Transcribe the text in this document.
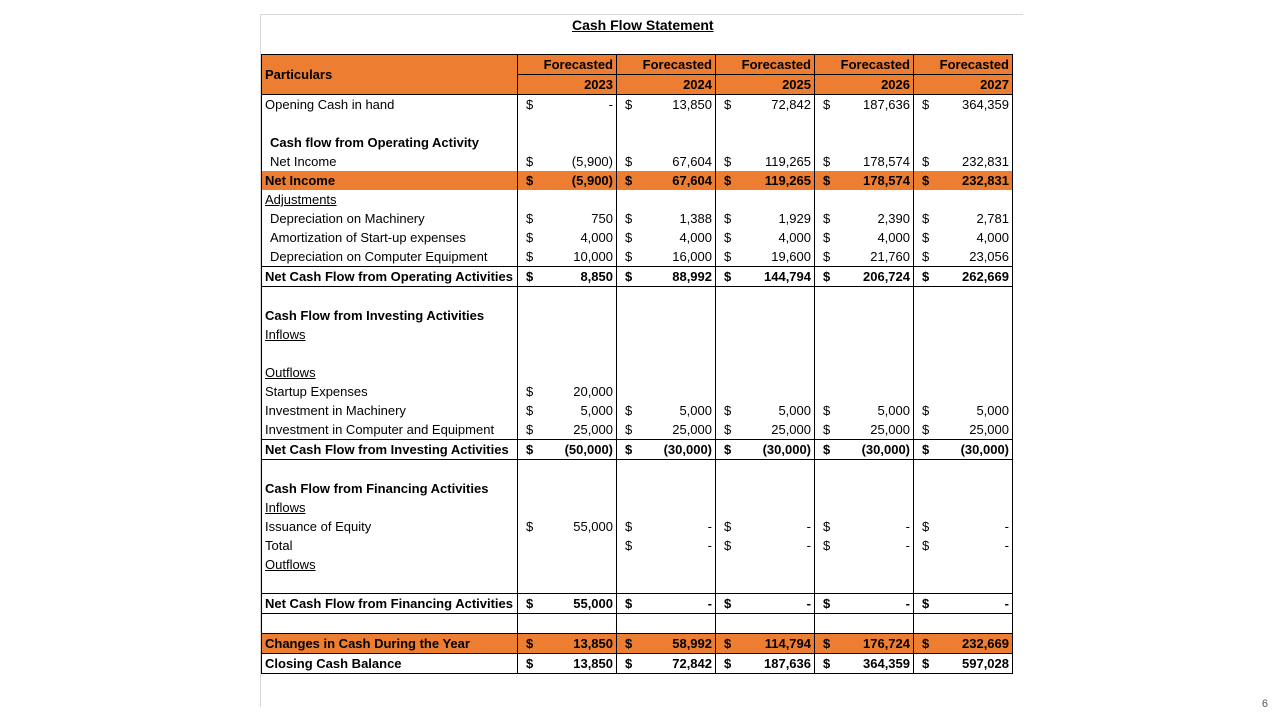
Cash Flow Statement
Particulars	Forecasted	Forecasted	Forecasted	Forecasted	Forecasted
	2023	2024	2025	2026	2027
Opening Cash in hand	$ -	$ 13,850	$ 72,842	$ 187,636	$ 364,359

Cash flow from Operating Activity	

Net Income	$ (5,900)	$ 67,604	$ 119,265	$ 178,574	$ 232,831

Net Income	$ (5,900)	$ 67,604	$ 119,265	$ 178,574	$ 232,831

Adjustments	

Depreciation on Machinery	$ 750	$ 1,388	$ 1,929	$ 2,390	$ 2,781

Amortization of Start-up expenses	$ 4,000	$ 4,000	$ 4,000	$ 4,000	$ 4,000

Depreciation on Computer Equipment	$ 10,000	$ 16,000	$ 19,600	$ 21,760	$ 23,056

Net Cash Flow from Operating Activities	$ 8,850	$ 88,992	$ 144,794	$ 206,724	$ 262,669

Cash Flow from Investing Activities	

Inflows	

Outflows	

Startup Expenses	$ 20,000				

Investment in Machinery	$ 5,000	$ 5,000	$ 5,000	$ 5,000	$ 5,000

Investment in Computer and Equipment	$ 25,000	$ 25,000	$ 25,000	$ 25,000	$ 25,000

Net Cash Flow from Investing Activities	$ (50,000)	$ (30,000)	$ (30,000)	$ (30,000)	$ (30,000)

Cash Flow from Financing Activities	

Inflows	

Issuance of Equity	$ 55,000	$ -	$ -	$ -	$ -

Total		$ -	$ -	$ -	$ -

Outflows	

Net Cash Flow from Financing Activities	$ 55,000	$ -	$ -	$ -	$ -

Changes in Cash During the Year	$ 13,850	$ 58,992	$ 114,794	$ 176,724	$ 232,669

Closing Cash Balance	$ 13,850	$ 72,842	$ 187,636	$ 364,359	$ 597,028
6
